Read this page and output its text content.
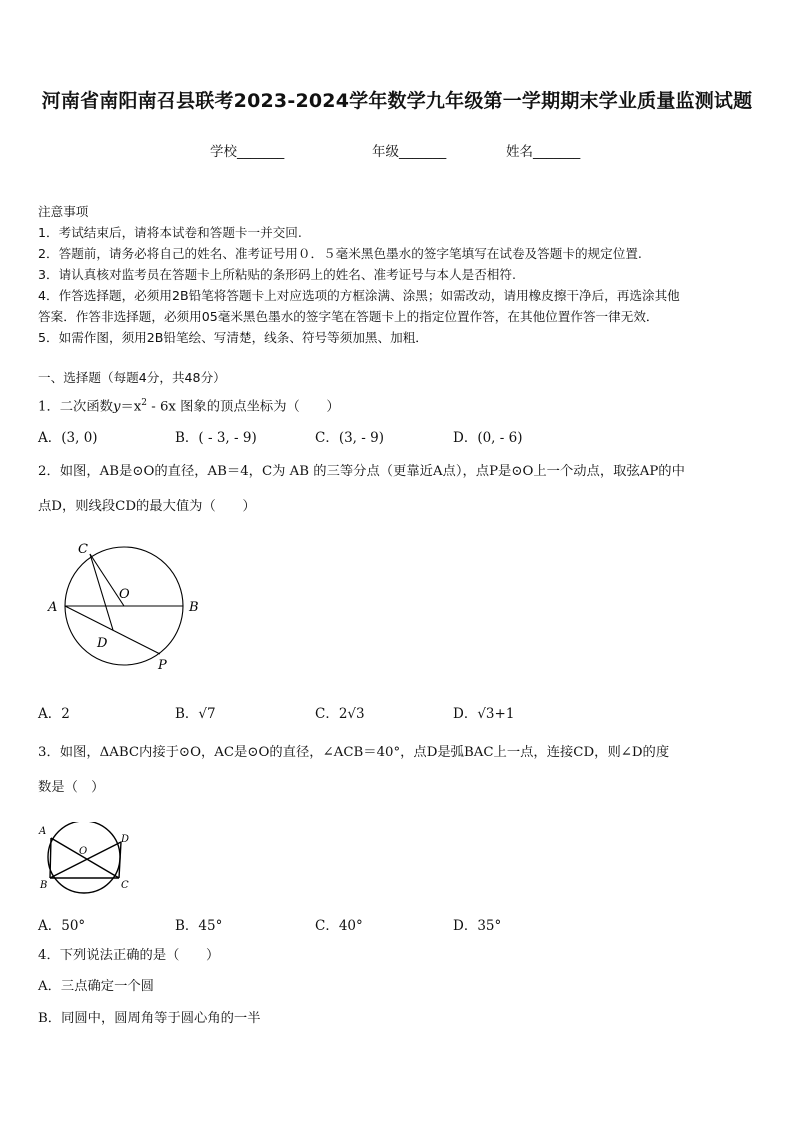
河南省南阳南召县联考2023-2024学年数学九年级第一学期期末学业质量监测试题
学校_______	年级_______	姓名_______
注意事项
1．考试结束后，请将本试卷和答题卡一并交回.
2．答题前，请务必将自己的姓名、准考证号用０．５毫米黑色墨水的签字笔填写在试卷及答题卡的规定位置.
3．请认真核对监考员在答题卡上所粘贴的条形码上的姓名、准考证号与本人是否相符.
4．作答选择题，必须用2B铅笔将答题卡上对应选项的方框涂满、涂黑；如需改动，请用橡皮擦干净后，再选涂其他
答案．作答非选择题，必须用05毫米黑色墨水的签字笔在答题卡上的指定位置作答，在其他位置作答一律无效．
5．如需作图，须用2B铅笔绘、写清楚，线条、符号等须加黑、加粗．
一、选择题（每题4分，共48分）
1．二次函数$y=x^2 - 6x$ 图象的顶点坐标为（　　）
A．(3, 0)	B．( - 3, - 9)	C．(3, - 9)	D．(0, - 6)
2．如图，AB是⊙O的直径，AB＝4，C为 AB 的三等分点（更靠近A点），点P是⊙O上一个动点，取弦AP的中
点D，则线段CD的最大值为（　　）
C
O
A	B
D
P
A．2	B．√7	C．2√3	D．√3+1
3．如图，ΔABC内接于⊙O，AC是⊙O的直径，∠ACB＝40°，点D是弧BAC上一点，连接CD，则∠D的度
数是（　）
A
B	C
D
O
A．50°	B．45°	C．40°	D．35°
4．下列说法正确的是（　　）
A．三点确定一个圆
B．同圆中，圆周角等于圆心角的一半
